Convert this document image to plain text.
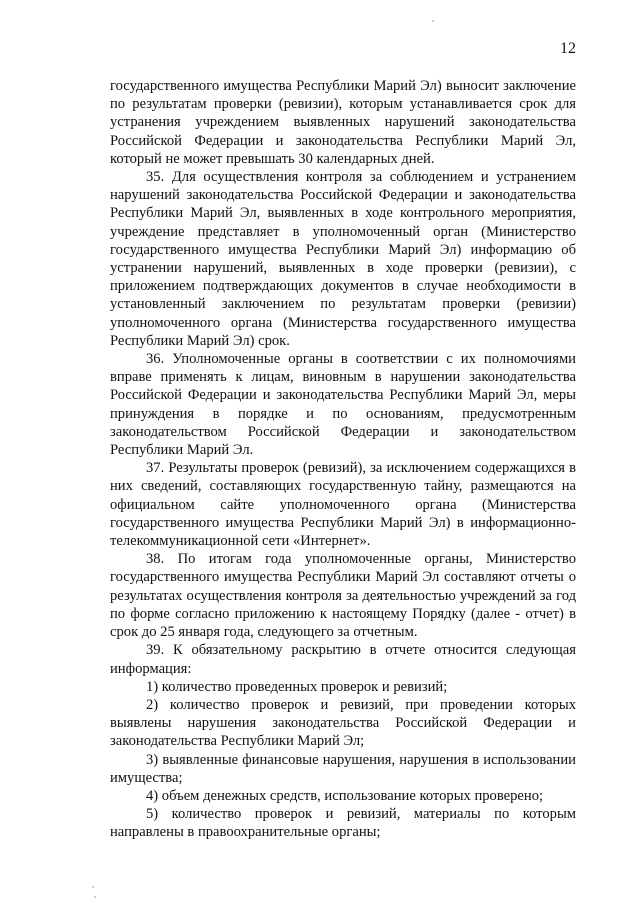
12

государственного имущества Республики Марий Эл) выносит заключение по результатам проверки (ревизии), которым устанавливается срок для устранения учреждением выявленных нарушений законодательства Российской Федерации и законодательства Республики Марий Эл, который не может превышать 30 календарных дней.

35. Для осуществления контроля за соблюдением и устранением нарушений законодательства Российской Федерации и законодательства Республики Марий Эл, выявленных в ходе контрольного мероприятия, учреждение представляет в уполномоченный орган (Министерство государственного имущества Республики Марий Эл) информацию об устранении нарушений, выявленных в ходе проверки (ревизии), с приложением подтверждающих документов в случае необходимости в установленный заключением по результатам проверки (ревизии) уполномоченного органа (Министерства государственного имущества Республики Марий Эл) срок.

36. Уполномоченные органы в соответствии с их полномочиями вправе применять к лицам, виновным в нарушении законодательства Российской Федерации и законодательства Республики Марий Эл, меры принуждения в порядке и по основаниям, предусмотренным законодательством Российской Федерации и законодательством Республики Марий Эл.

37. Результаты проверок (ревизий), за исключением содержащихся в них сведений, составляющих государственную тайну, размещаются на официальном сайте уполномоченного органа (Министерства государственного имущества Республики Марий Эл) в информационно-телекоммуникационной сети «Интернет».

38. По итогам года уполномоченные органы, Министерство государственного имущества Республики Марий Эл составляют отчеты о результатах осуществления контроля за деятельностью учреждений за год по форме согласно приложению к настоящему Порядку (далее - отчет) в срок до 25 января года, следующего за отчетным.

39. К обязательному раскрытию в отчете относится следующая информация:

1) количество проведенных проверок и ревизий;

2) количество проверок и ревизий, при проведении которых выявлены нарушения законодательства Российской Федерации и законодательства Республики Марий Эл;

3) выявленные финансовые нарушения, нарушения в использовании имущества;

4) объем денежных средств, использование которых проверено;

5) количество проверок и ревизий, материалы по которым направлены в правоохранительные органы;
